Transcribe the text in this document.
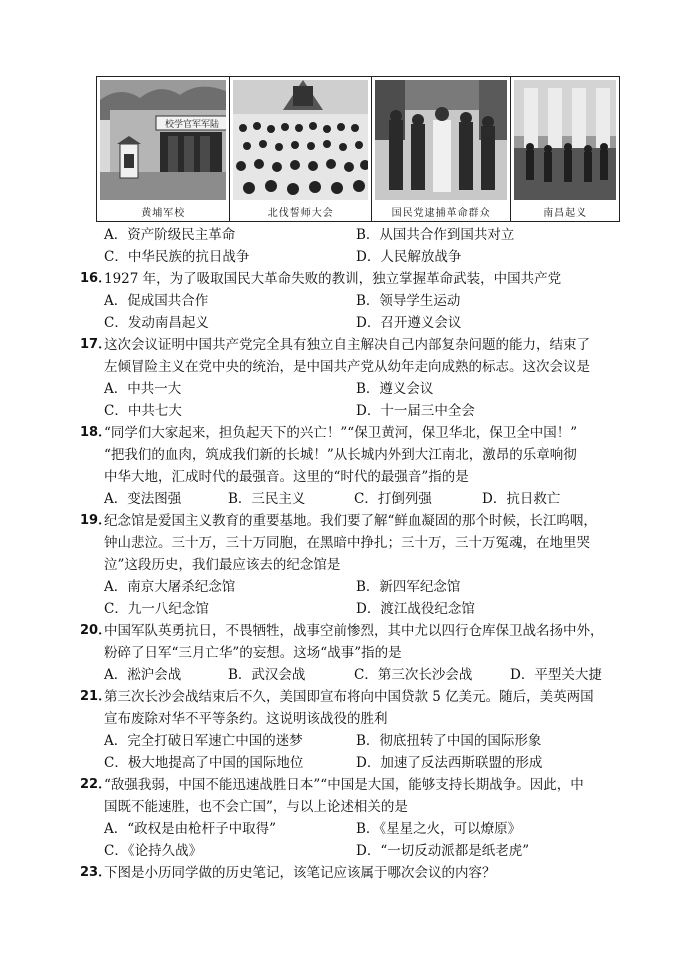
校学官军军陆
黄埔军校	北伐誓师大会	国民党逮捕革命群众	南昌起义
A．资产阶级民主革命	B．从国共合作到国共对立
C．中华民族的抗日战争	D．人民解放战争
16．
1927 年，为了吸取国民大革命失败的教训，独立掌握革命武装，中国共产党
A．促成国共合作	B．领导学生运动
C．发动南昌起义	D．召开遵义会议
17．
这次会议证明中国共产党完全具有独立自主解决自己内部复杂问题的能力，结束了
左倾冒险主义在党中央的统治，是中国共产党从幼年走向成熟的标志。这次会议是
A．中共一大	B．遵义会议
C．中共七大	D．十一届三中全会
18．
“同学们大家起来，担负起天下的兴亡！”“保卫黄河，保卫华北，保卫全中国！”
“把我们的血肉，筑成我们新的长城！”从长城内外到大江南北，激昂的乐章响彻
中华大地，汇成时代的最强音。这里的“时代的最强音”指的是
A．变法图强	B．三民主义	C．打倒列强	D．抗日救亡
19．
纪念馆是爱国主义教育的重要基地。我们要了解“鲜血凝固的那个时候，长江呜咽，
钟山悲泣。三十万，三十万同胞，在黑暗中挣扎；三十万，三十万冤魂，在地里哭
泣”这段历史，我们最应该去的纪念馆是
A．南京大屠杀纪念馆	B．新四军纪念馆
C．九一八纪念馆	D．渡江战役纪念馆
20．
中国军队英勇抗日，不畏牺牲，战事空前惨烈，其中尤以四行仓库保卫战名扬中外，
粉碎了日军“三月亡华”的妄想。这场“战事”指的是
A．淞沪会战	B．武汉会战	C．第三次长沙会战	D．平型关大捷
21．
第三次长沙会战结束后不久，美国即宣布将向中国贷款 5 亿美元。随后，美英两国
宣布废除对华不平等条约。这说明该战役的胜利
A．完全打破日军速亡中国的迷梦	B．彻底扭转了中国的国际形象
C．极大地提高了中国的国际地位	D．加速了反法西斯联盟的形成
22．
“敌强我弱，中国不能迅速战胜日本”“中国是大国，能够支持长期战争。因此，中
国既不能速胜，也不会亡国”，与以上论述相关的是
A．“政权是由枪杆子中取得”	B．《星星之火，可以燎原》
C．《论持久战》	D．“一切反动派都是纸老虎”
23．
下图是小历同学做的历史笔记，该笔记应该属于哪次会议的内容？
